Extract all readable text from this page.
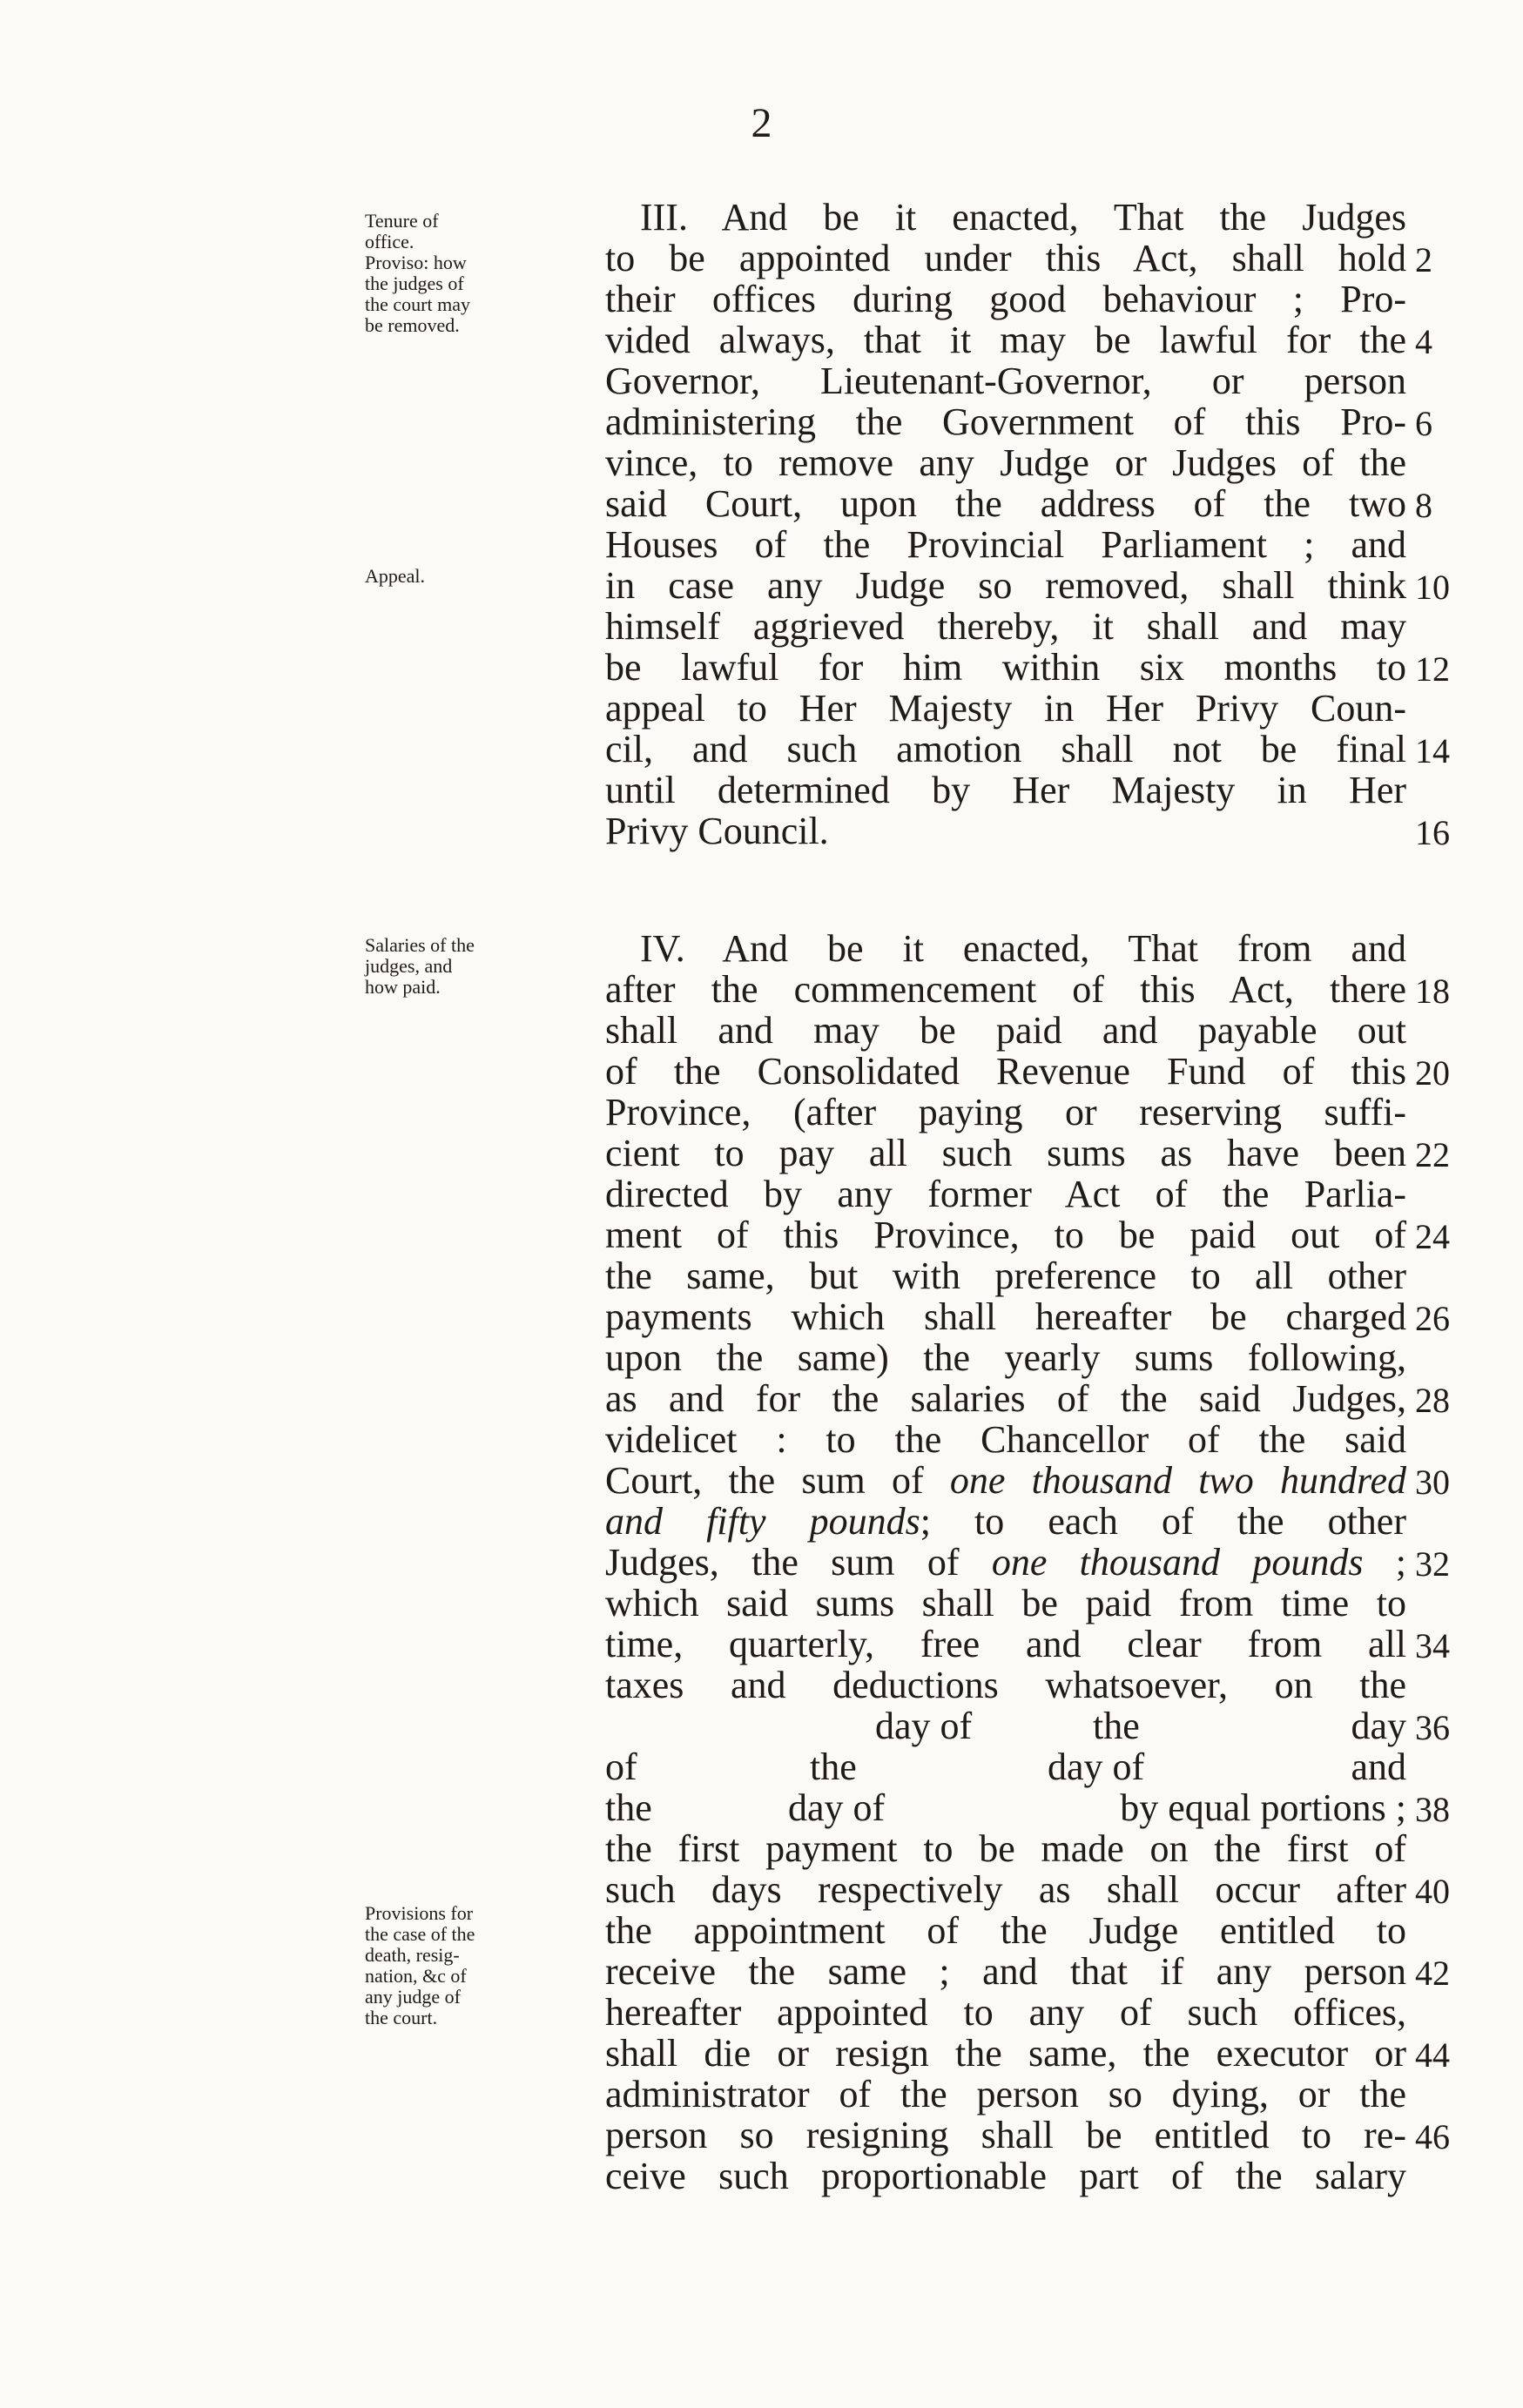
2
Tenure of
office.
Proviso: how
the judges of
the court may
be removed.
Appeal.
Salaries of the
judges, and
how paid.
Provisions for
the case of the
death, resig-
nation, &c of
any judge of
the court.
III. And be it enacted, That the Judges
to be appointed under this Act, shall hold
their offices during good behaviour ; Pro-
vided always, that it may be lawful for the
Governor, Lieutenant-Governor, or person
administering the Government of this Pro-
vince, to remove any Judge or Judges of the
said Court, upon the address of the two
Houses of the Provincial Parliament ; and
in case any Judge so removed, shall think
himself aggrieved thereby, it shall and may
be lawful for him within six months to
appeal to Her Majesty in Her Privy Coun-
cil, and such amotion shall not be final
until determined by Her Majesty in Her
Privy Council.
IV. And be it enacted, That from and
after the commencement of this Act, there
shall and may be paid and payable out
of the Consolidated Revenue Fund of this
Province, (after paying or reserving suffi-
cient to pay all such sums as have been
directed by any former Act of the Parlia-
ment of this Province, to be paid out of
the same, but with preference to all other
payments which shall hereafter be charged
upon the same) the yearly sums following,
as and for the salaries of the said Judges,
videlicet : to the Chancellor of the said
Court, the sum of one thousand two hundred
and fifty pounds; to each of the other
Judges, the sum of one thousand pounds ;
which said sums shall be paid from time to
time, quarterly, free and clear from all
taxes and deductions whatsoever, on the
day of	the	day
of	the	day of	and
the	day of	by equal portions ;
the first payment to be made on the first of
such days respectively as shall occur after
the appointment of the Judge entitled to
receive the same ; and that if any person
hereafter appointed to any of such offices,
shall die or resign the same, the executor or
administrator of the person so dying, or the
person so resigning shall be entitled to re-
ceive such proportionable part of the salary
2
4
6
8
10
12
14
16
18
20
22
24
26
28
30
32
34
36
38
40
42
44
46
